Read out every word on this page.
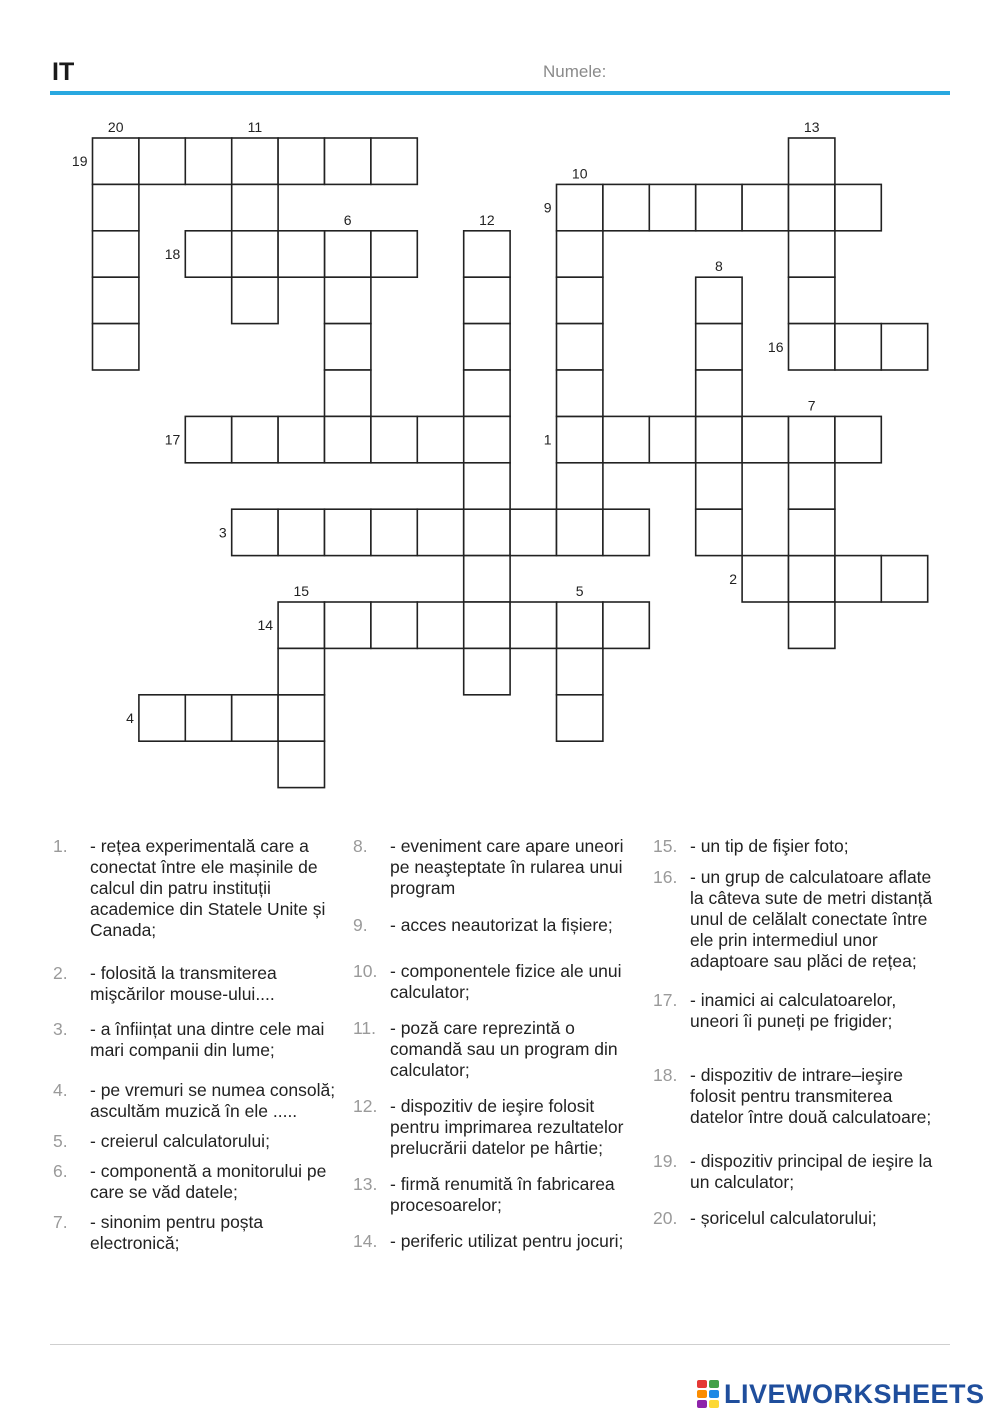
IT	Numele:
1
2
3
4
5
6
7
8
9
10
11
12
13
14
15
16
17
18
19
20
1. - rețea experimentală care a conectat între ele mașinile de calcul din patru instituții academice din Statele Unite și Canada;
2. - folosită la transmiterea mişcărilor mouse-ului....
3. - a înființat una dintre cele mai mari companii din lume;
4. - pe vremuri se numea consolă; ascultăm muzică în ele .....
5. - creierul calculatorului;
6. - componentă a monitorului pe care se văd datele;
7. - sinonim pentru poșta electronică;
8. - eveniment care apare uneori pe neaşteptate în rularea unui program
9. - acces neautorizat la fișiere;
10. - componentele fizice ale unui calculator;
11. - poză care reprezintă o comandă sau un program din calculator;
12. - dispozitiv de ieşire folosit pentru imprimarea rezultatelor prelucrării datelor pe hârtie;
13. - firmă renumită în fabricarea procesoarelor;
14. - periferic utilizat pentru jocuri;
15. - un tip de fişier foto;
16. - un grup de calculatoare aflate la câteva sute de metri distanță unul de celălalt conectate între ele prin intermediul unor adaptoare sau plăci de rețea;
17. - inamici ai calculatoarelor, uneori îi puneți pe frigider;
18. - dispozitiv de intrare–ieşire folosit pentru transmiterea datelor între două calculatoare;
19. - dispozitiv principal de ieşire la un calculator;
20. - șoricelul calculatorului;
LIVEWORKSHEETS
